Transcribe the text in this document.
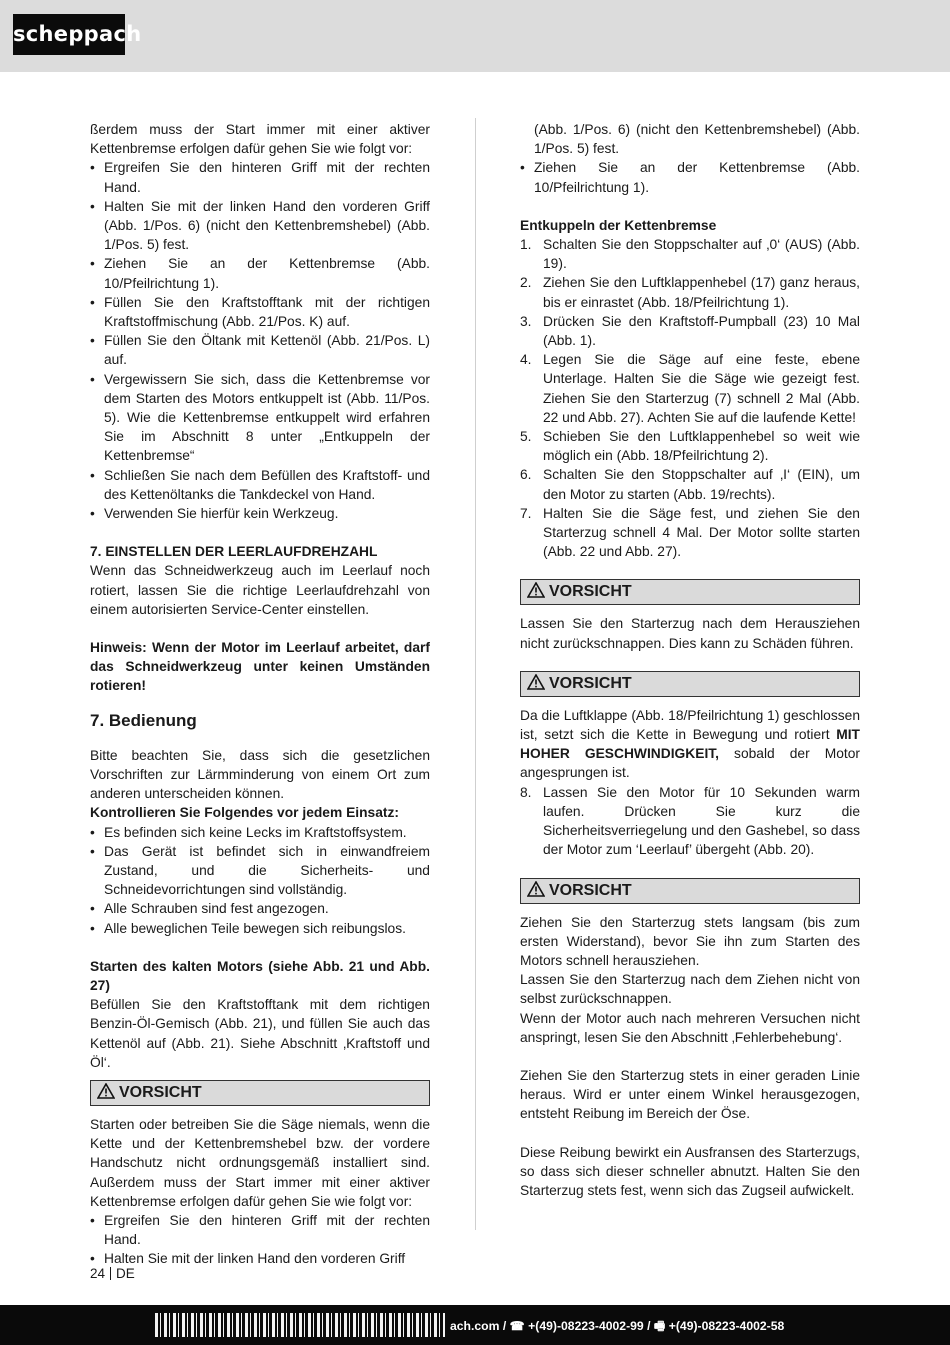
scheppach

ßerdem muss der Start immer mit einer aktiver Kettenbremse erfolgen dafür gehen Sie wie folgt vor:

• Ergreifen Sie den hinteren Griff mit der rechten Hand.
• Halten Sie mit der linken Hand den vorderen Griff (Abb. 1/Pos. 6) (nicht den Kettenbremshebel) (Abb. 1/Pos. 5) fest.
• Ziehen Sie an der Kettenbremse (Abb. 10/Pfeilrichtung 1).
• Füllen Sie den Kraftstofftank mit der richtigen Kraftstoffmischung (Abb. 21/Pos. K) auf.
• Füllen Sie den Öltank mit Kettenöl (Abb. 21/Pos. L) auf.
• Vergewissern Sie sich, dass die Kettenbremse vor dem Starten des Motors entkuppelt ist (Abb. 11/Pos. 5). Wie die Kettenbremse entkuppelt wird erfahren Sie im Abschnitt 8 unter „Entkuppeln der Kettenbremse“
• Schließen Sie nach dem Befüllen des Kraftstoff- und des Kettenöltanks die Tankdeckel von Hand.
• Verwenden Sie hierfür kein Werkzeug.

7. EINSTELLEN DER LEERLAUFDREHZAHL

Wenn das Schneidwerkzeug auch im Leerlauf noch rotiert, lassen Sie die richtige Leerlaufdrehzahl von einem autorisierten Service-Center einstellen.

Hinweis: Wenn der Motor im Leerlauf arbeitet, darf das Schneidwerkzeug unter keinen Umständen rotieren!

7. Bedienung

Bitte beachten Sie, dass sich die gesetzlichen Vorschriften zur Lärmminderung von einem Ort zum anderen unterscheiden können.

Kontrollieren Sie Folgendes vor jedem Einsatz:

• Es befinden sich keine Lecks im Kraftstoffsystem.
• Das Gerät ist befindet sich in einwandfreiem Zustand, und die Sicherheits- und Schneidevorrichtungen sind vollständig.
• Alle Schrauben sind fest angezogen.
• Alle beweglichen Teile bewegen sich reibungslos.

Starten des kalten Motors (siehe Abb. 21 und Abb. 27)

Befüllen Sie den Kraftstofftank mit dem richtigen Benzin-Öl-Gemisch (Abb. 21), und füllen Sie auch das Kettenöl auf (Abb. 21). Siehe Abschnitt ‚Kraftstoff und Öl‘.

VORSICHT

Starten oder betreiben Sie die Säge niemals, wenn die Kette und der Kettenbremshebel bzw. der vordere Handschutz nicht ordnungsgemäß installiert sind. Außerdem muss der Start immer mit einer aktiver Kettenbremse erfolgen dafür gehen Sie wie folgt vor:

• Ergreifen Sie den hinteren Griff mit der rechten Hand.
• Halten Sie mit der linken Hand den vorderen Griff
(Abb. 1/Pos. 6) (nicht den Kettenbremshebel) (Abb. 1/Pos. 5) fest.
• Ziehen Sie an der Kettenbremse (Abb. 10/Pfeilrichtung 1).

Entkuppeln der Kettenbremse

1. Schalten Sie den Stoppschalter auf ‚0‘ (AUS) (Abb. 19).
2. Ziehen Sie den Luftklappenhebel (17) ganz heraus, bis er einrastet (Abb. 18/Pfeilrichtung 1).
3. Drücken Sie den Kraftstoff-Pumpball (23) 10 Mal (Abb. 1).
4. Legen Sie die Säge auf eine feste, ebene Unterlage. Halten Sie die Säge wie gezeigt fest. Ziehen Sie den Starterzug (7) schnell 2 Mal (Abb. 22 und Abb. 27). Achten Sie auf die laufende Kette!
5. Schieben Sie den Luftklappenhebel so weit wie möglich ein (Abb. 18/Pfeilrichtung 2).
6. Schalten Sie den Stoppschalter auf ‚I‘ (EIN), um den Motor zu starten (Abb. 19/rechts).
7. Halten Sie die Säge fest, und ziehen Sie den Starterzug schnell 4 Mal. Der Motor sollte starten (Abb. 22 und Abb. 27).
VORSICHT

Lassen Sie den Starterzug nach dem Herausziehen nicht zurückschnappen. Dies kann zu Schäden führen.

VORSICHT

Da die Luftklappe (Abb. 18/Pfeilrichtung 1) geschlossen ist, setzt sich die Kette in Bewegung und rotiert MIT HOHER GESCHWINDIGKEIT, sobald der Motor angesprungen ist.

8. Lassen Sie den Motor für 10 Sekunden warm laufen. Drücken Sie kurz die Sicherheitsverriegelung und den Gashebel, so dass der Motor zum ‘Leerlauf’ übergeht (Abb. 20).
VORSICHT

Ziehen Sie den Starterzug stets langsam (bis zum ersten Widerstand), bevor Sie ihn zum Starten des Motors schnell herausziehen.

Lassen Sie den Starterzug nach dem Ziehen nicht von selbst zurückschnappen.

Wenn der Motor auch nach mehreren Versuchen nicht anspringt, lesen Sie den Abschnitt ‚Fehlerbehebung‘.

Ziehen Sie den Starterzug stets in einer geraden Linie heraus. Wird er unter einem Winkel herausgezogen, entsteht Reibung im Bereich der Öse.

Diese Reibung bewirkt ein Ausfransen des Starterzugs, so dass sich dieser schneller abnutzt. Halten Sie den Starterzug stets fest, wenn sich das Zugseil aufwickelt.

24 DE
ach.com / ☎ +(49)-08223-4002-99 / 🖷 +(49)-08223-4002-58
